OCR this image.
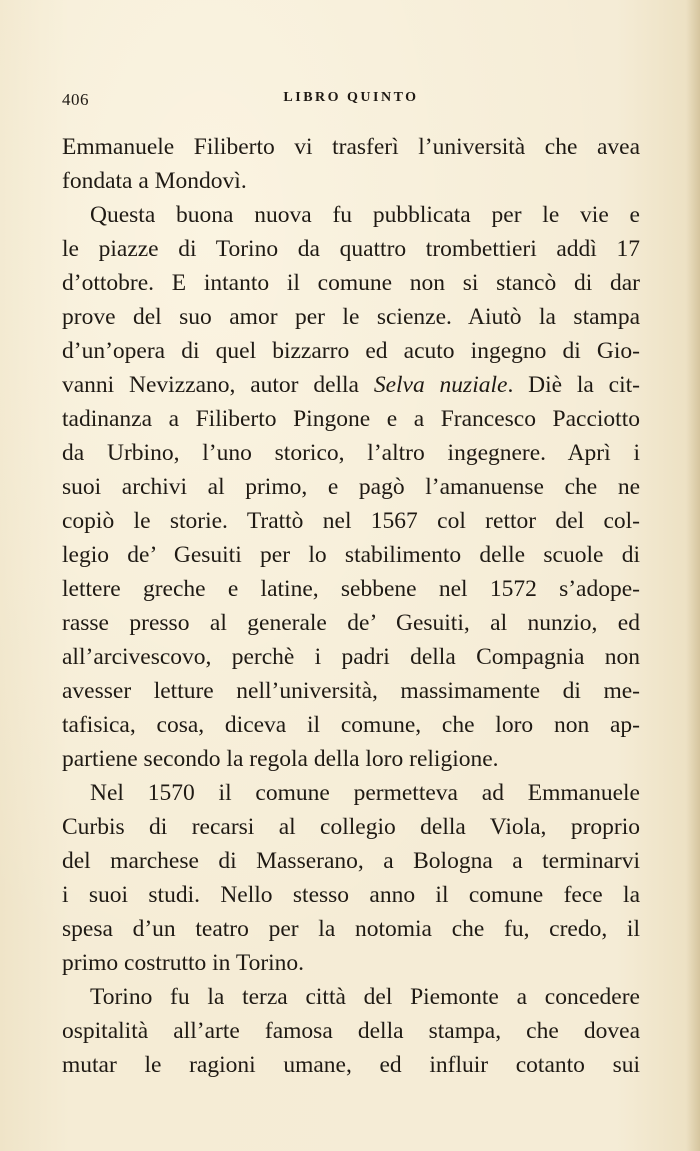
406	LIBRO QUINTO
Emmanuele Filiberto vi trasferì l’università che avea
fondata a Mondovì.
Questa buona nuova fu pubblicata per le vie e
le piazze di Torino da quattro trombettieri addì 17
d’ottobre. E intanto il comune non si stancò di dar
prove del suo amor per le scienze. Aiutò la stampa
d’un’opera di quel bizzarro ed acuto ingegno di Gio-
vanni Nevizzano, autor della Selva nuziale. Diè la cit-
tadinanza a Filiberto Pingone e a Francesco Pacciotto
da Urbino, l’uno storico, l’altro ingegnere. Aprì i
suoi archivi al primo, e pagò l’amanuense che ne
copiò le storie. Trattò nel 1567 col rettor del col-
legio de’ Gesuiti per lo stabilimento delle scuole di
lettere greche e latine, sebbene nel 1572 s’adope-
rasse presso al generale de’ Gesuiti, al nunzio, ed
all’arcivescovo, perchè i padri della Compagnia non
avesser letture nell’università, massimamente di me-
tafisica, cosa, diceva il comune, che loro non ap-
partiene secondo la regola della loro religione.
Nel 1570 il comune permetteva ad Emmanuele
Curbis di recarsi al collegio della Viola, proprio
del marchese di Masserano, a Bologna a terminarvi
i suoi studi. Nello stesso anno il comune fece la
spesa d’un teatro per la notomia che fu, credo, il
primo costrutto in Torino.
Torino fu la terza città del Piemonte a concedere
ospitalità all’arte famosa della stampa, che dovea
mutar le ragioni umane, ed influir cotanto sui
